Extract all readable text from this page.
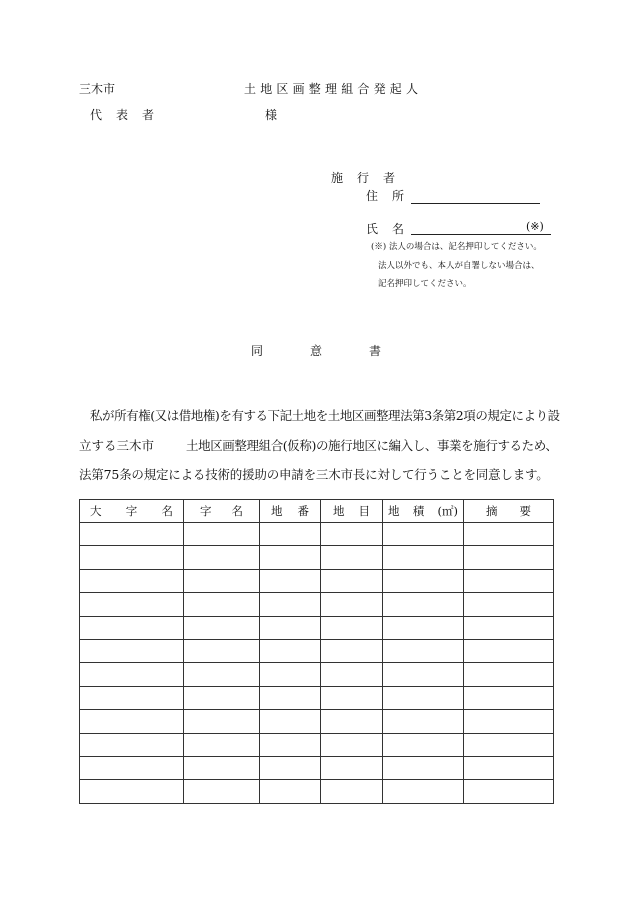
三木市	土地区画整理組合発起人
代　表　者	様
施　行　者
住　所
氏　名	(※)
(※) 法人の場合は、記名押印してください。
法人以外でも、本人が自署しない場合は、
記名押印してください。
同	意	書
私が所有権(又は借地権)を有する下記土地を土地区画整理法第3条第2項の規定により設
立する三木市	土地区画整理組合(仮称)の施行地区に編入し、事業を施行するため、
法第75条の規定による技術的援助の申請を三木市長に対して行うことを同意します。
大 字 名	字 名	地 番	地 目	地 積 (㎡)	摘 要
